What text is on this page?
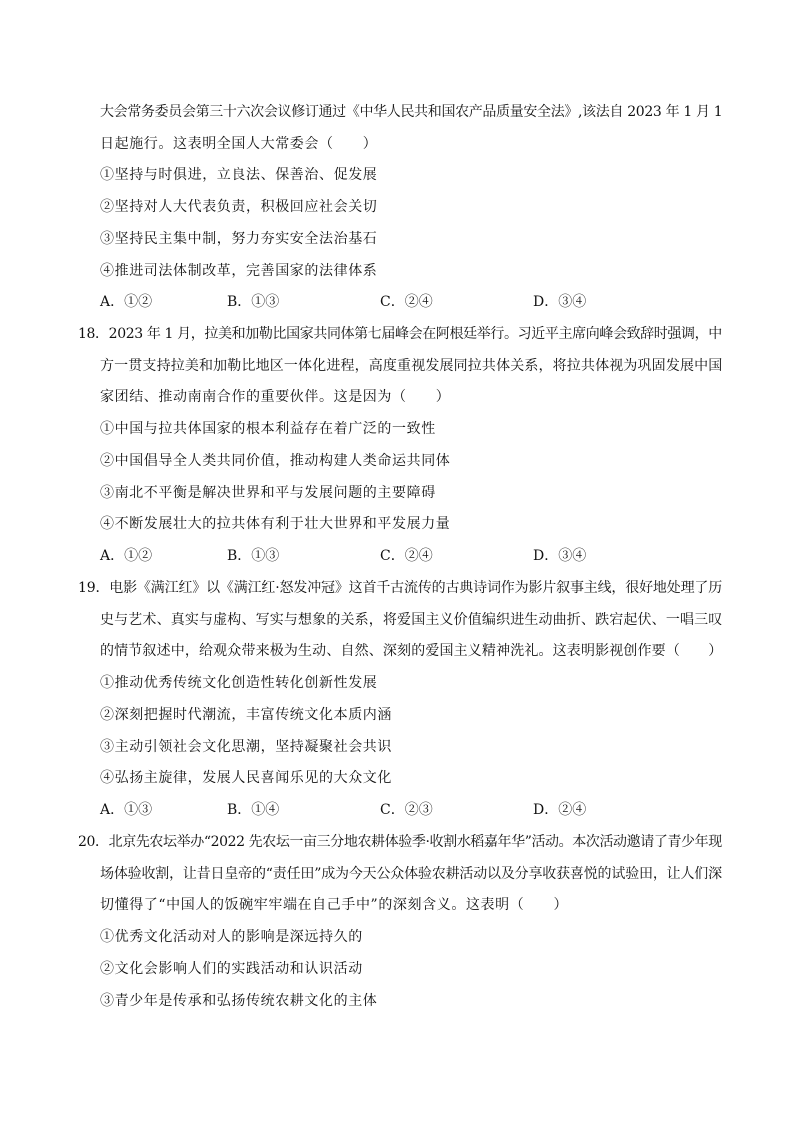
大会常务委员会第三十六次会议修订通过《中华人民共和国农产品质量安全法》,该法自 2023 年 1 月 1
日起施行。这表明全国人大常委会（　　）
①坚持与时俱进，立良法、保善治、促发展
②坚持对人大代表负责，积极回应社会关切
③坚持民主集中制，努力夯实安全法治基石
④推进司法体制改革，完善国家的法律体系
A．①②	B．①③	C．②④	D．③④
18．2023 年 1 月，拉美和加勒比国家共同体第七届峰会在阿根廷举行。习近平主席向峰会致辞时强调，中
方一贯支持拉美和加勒比地区一体化进程，高度重视发展同拉共体关系，将拉共体视为巩固发展中国
家团结、推动南南合作的重要伙伴。这是因为（　　）
①中国与拉共体国家的根本利益存在着广泛的一致性
②中国倡导全人类共同价值，推动构建人类命运共同体
③南北不平衡是解决世界和平与发展问题的主要障碍
④不断发展壮大的拉共体有利于壮大世界和平发展力量
A．①②	B．①③	C．②④	D．③④
19．电影《满江红》以《满江红·怒发冲冠》这首千古流传的古典诗词作为影片叙事主线，很好地处理了历
史与艺术、真实与虚构、写实与想象的关系，将爱国主义价值编织进生动曲折、跌宕起伏、一唱三叹
的情节叙述中，给观众带来极为生动、自然、深刻的爱国主义精神洗礼。这表明影视创作要（　　）
①推动优秀传统文化创造性转化创新性发展
②深刻把握时代潮流，丰富传统文化本质内涵
③主动引领社会文化思潮，坚持凝聚社会共识
④弘扬主旋律，发展人民喜闻乐见的大众文化
A．①③	B．①④	C．②③	D．②④
20．北京先农坛举办“2022 先农坛一亩三分地农耕体验季·收割水稻嘉年华”活动。本次活动邀请了青少年现
场体验收割，让昔日皇帝的“责任田”成为今天公众体验农耕活动以及分享收获喜悦的试验田，让人们深
切懂得了“中国人的饭碗牢牢端在自己手中”的深刻含义。这表明（　　）
①优秀文化活动对人的影响是深远持久的
②文化会影响人们的实践活动和认识活动
③青少年是传承和弘扬传统农耕文化的主体
